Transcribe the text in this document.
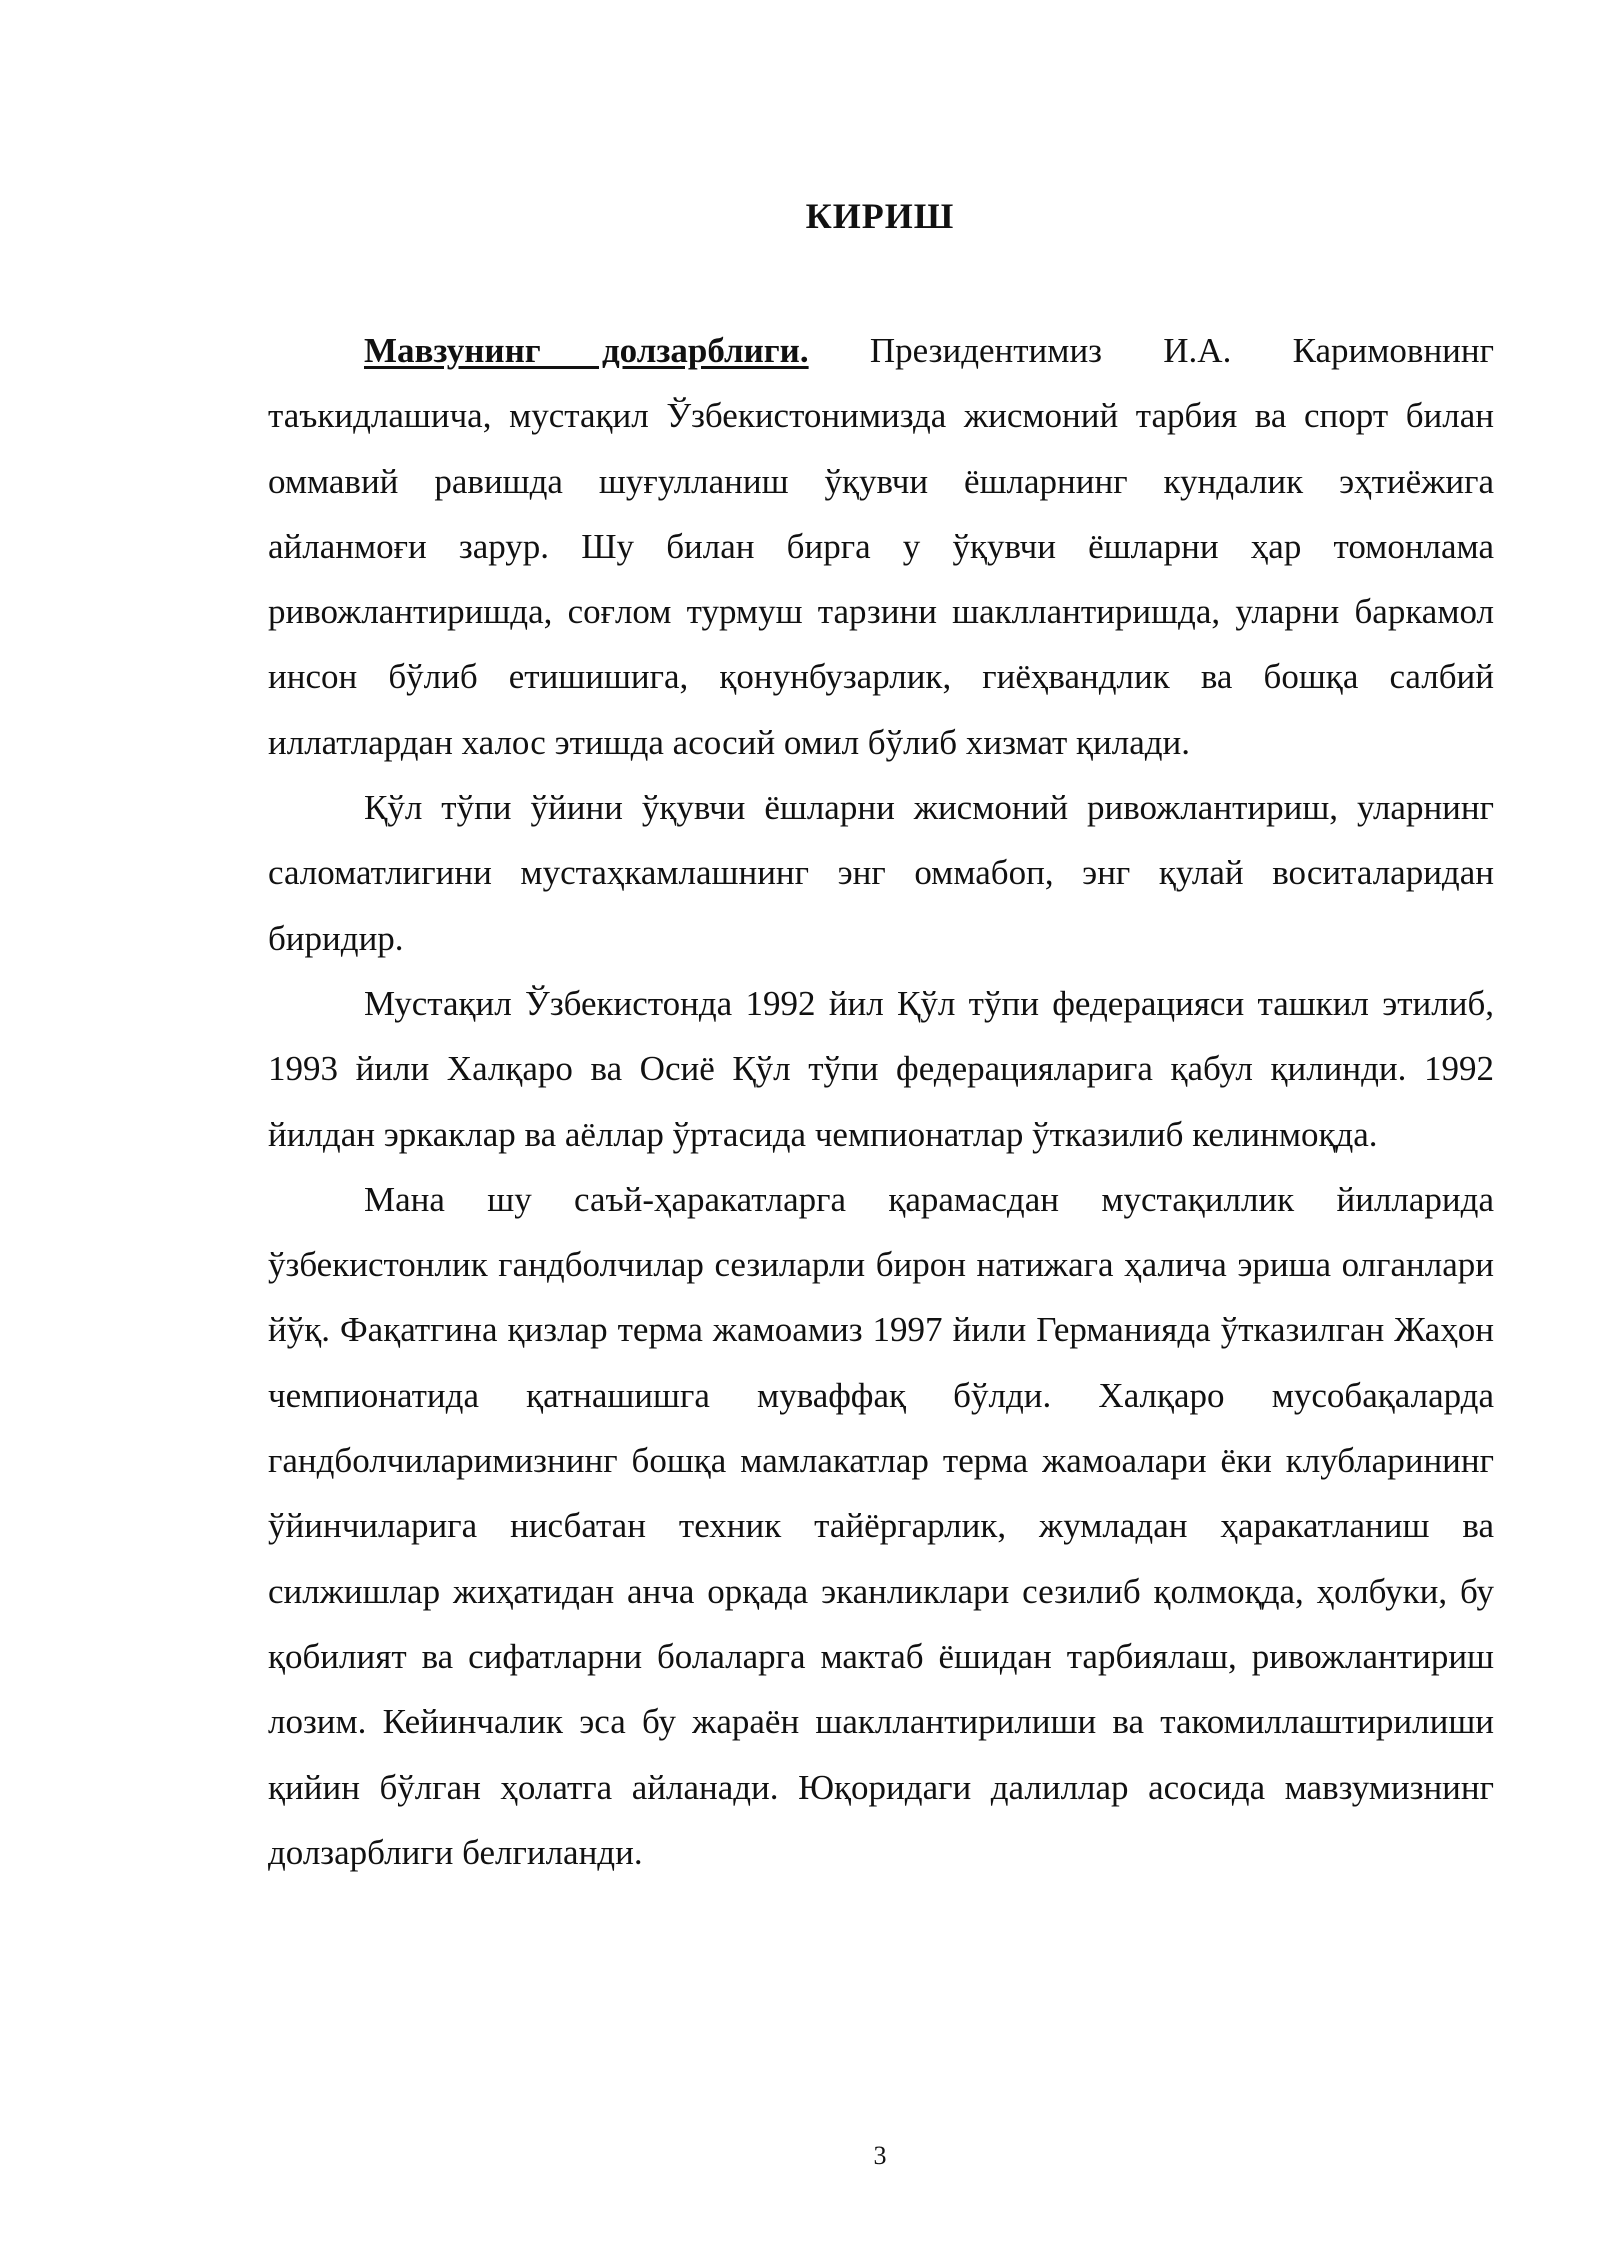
КИРИШ

Мавзунинг долзарблиги. Президентимиз И.А. Каримовнинг таъкидлашича, мустақил Ўзбекистонимизда жисмоний тарбия ва спорт билан оммавий равишда шуғулланиш ўқувчи ёшларнинг кундалик эҳтиёжига айланмоғи зарур. Шу билан бирга у ўқувчи ёшларни ҳар томонлама ривожлантиришда, соғлом турмуш тарзини шакллантиришда, уларни баркамол инсон бўлиб етишишига, қонунбузарлик, гиёҳвандлик ва бошқа салбий иллатлардан халос этишда асосий омил бўлиб хизмат қилади.

Қўл тўпи ўйини ўқувчи ёшларни жисмоний ривожлантириш, уларнинг саломатлигини мустаҳкамлашнинг энг оммабоп, энг қулай воситаларидан биридир.

Мустақил Ўзбекистонда 1992 йил Қўл тўпи федерацияси ташкил этилиб, 1993 йили Халқаро ва Осиё Қўл тўпи федерацияларига қабул қилинди. 1992 йилдан эркаклар ва аёллар ўртасида чемпионатлар ўтказилиб келинмоқда.

Мана шу саъй-ҳаракатларга қарамасдан мустақиллик йилларида ўзбекистонлик гандболчилар сезиларли бирон натижага ҳалича эриша олганлари йўқ. Фақатгина қизлар терма жамоамиз 1997 йили Германияда ўтказилган Жаҳон чемпионатида қатнашишга муваффақ бўлди. Халқаро мусобақаларда гандболчиларимизнинг бошқа мамлакатлар терма жамоалари ёки клубларининг ўйинчиларига нисбатан техник тайёргарлик, жумладан ҳаракатланиш ва силжишлар жиҳатидан анча орқада эканликлари сезилиб қолмоқда, ҳолбуки, бу қобилият ва сифатларни болаларга мактаб ёшидан тарбиялаш, ривожлантириш лозим. Кейинчалик эса бу жараён шакллантирилиши ва такомиллаштирилиши қийин бўлган ҳолатга айланади. Юқоридаги далиллар асосида мавзумизнинг долзарблиги белгиланди.

3
